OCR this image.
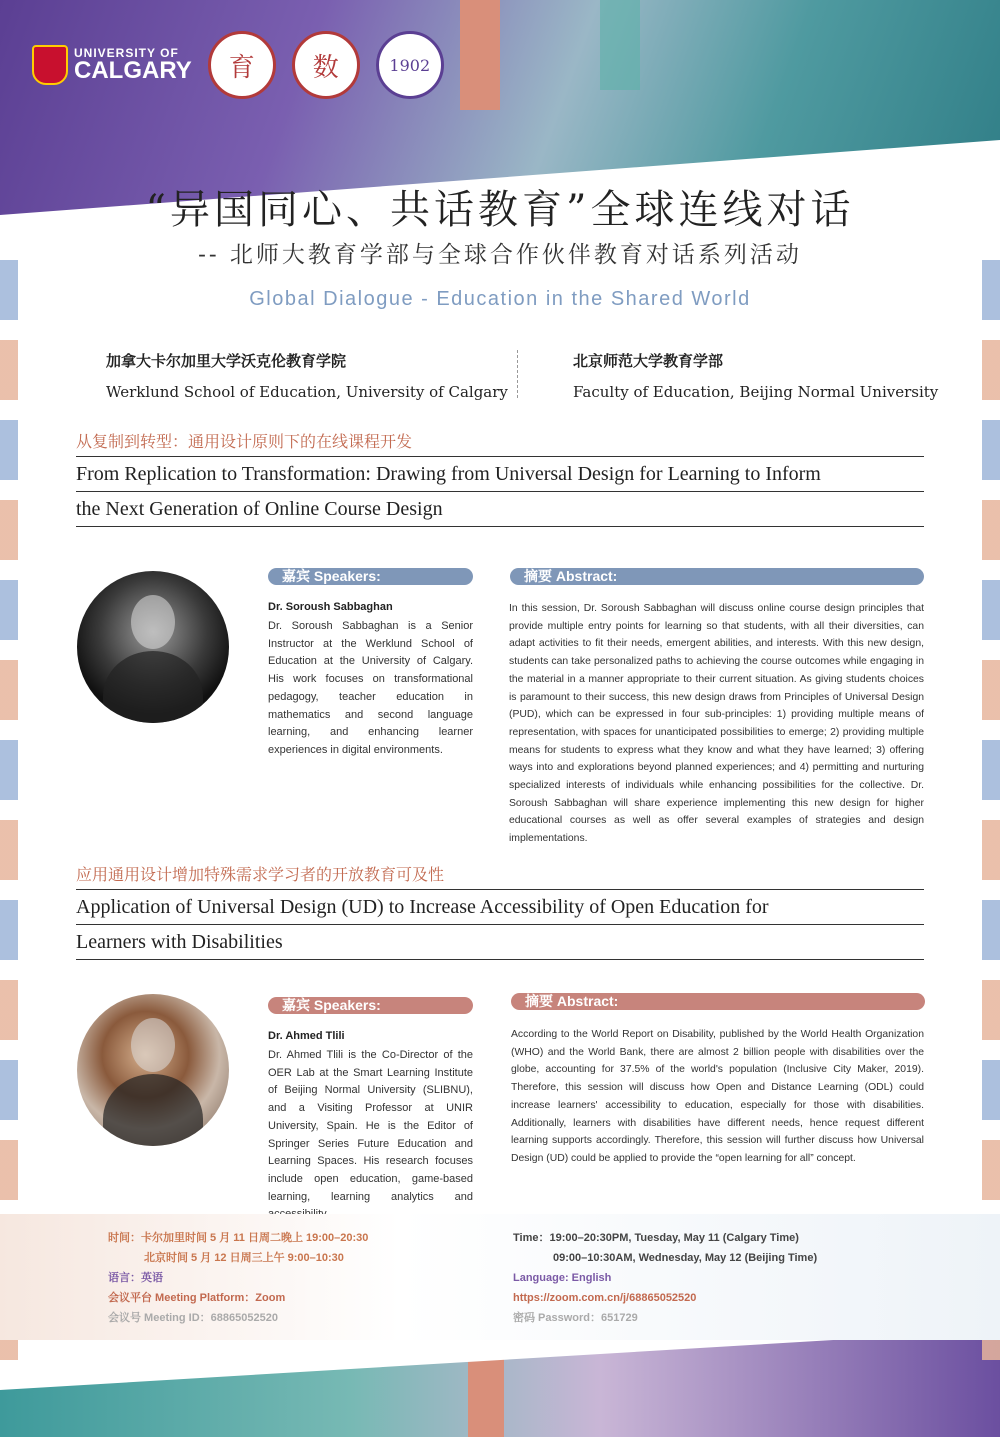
UNIVERSITY OF
CALGARY 育 数	1902
“异国同心、共话教育”全球连线对话
-- 北师大教育学部与全球合作伙伴教育对话系列活动
Global Dialogue - Education in the Shared World
加拿大卡尔加里大学沃克伦教育学院
Werklund School of Education, University of Calgary
北京师范大学教育学部
Faculty of Education, Beijing Normal University
从复制到转型：通用设计原则下的在线课程开发
From Replication to Transformation: Drawing from Universal Design for Learning to Inform
the Next Generation of Online Course Design
嘉宾 Speakers:	摘要 Abstract:
Dr. Soroush Sabbaghan
Dr. Soroush Sabbaghan is a Senior Instructor at the Werklund School of Education at the University of Calgary. His work focuses on transformational pedagogy, teacher education in mathematics and second language learning, and enhancing learner experiences in digital environments.
In this session, Dr. Soroush Sabbaghan will discuss online course design principles that provide multiple entry points for learning so that students, with all their diversities, can adapt activities to fit their needs, emergent abilities, and interests. With this new design, students can take personalized paths to achieving the course outcomes while engaging in the material in a manner appropriate to their current situation. As giving students choices is paramount to their success, this new design draws from Principles of Universal Design (PUD), which can be expressed in four sub-principles: 1) providing multiple means of representation, with spaces for unanticipated possibilities to emerge; 2) providing multiple means for students to express what they know and what they have learned; 3) offering ways into and explorations beyond planned experiences; and 4) permitting and nurturing specialized interests of individuals while enhancing possibilities for the collective. Dr. Soroush Sabbaghan will share experience implementing this new design for higher educational courses as well as offer several examples of strategies and design implementations.
应用通用设计增加特殊需求学习者的开放教育可及性
Application of Universal Design (UD) to Increase Accessibility of Open Education for
Learners with Disabilities
嘉宾 Speakers:	摘要 Abstract:
Dr. Ahmed Tlili
Dr. Ahmed Tlili is the Co-Director of the OER Lab at the Smart Learning Institute of Beijing Normal University (SLIBNU), and a Visiting Professor at UNIR University, Spain. He is the Editor of Springer Series Future Education and Learning Spaces. His research focuses include open education, game-based learning, learning analytics and
According to the World Report on Disability, published by the World Health Organization (WHO) and the World Bank, there are almost 2 billion people with disabilities over the globe, accounting for 37.5% of the world's population (Inclusive City Maker, 2019). Therefore, this session will discuss how Open and Distance Learning (ODL) could increase learners' accessibility to education, especially for those with disabilities. Additionally, learners with disabilities have different needs, hence request different learning supports accordingly. Therefore, this session will further discuss how Universal Design (UD) could be applied to provide the “open learning for all” concept.
时间：卡尔加里时间 5 月 11 日周二晚上 19:00–20:30
北京时间 5 月 12 日周三上午 9:00–10:30
语言：英语
会议平台 Meeting Platform：Zoom
会议号 Meeting ID：68865052520
Time：19:00–20:30PM, Tuesday, May 11 (Calgary Time)
09:00–10:30AM, Wednesday, May 12 (Beijing Time)
Language: English
https://zoom.com.cn/j/68865052520
密码 Password：651729
